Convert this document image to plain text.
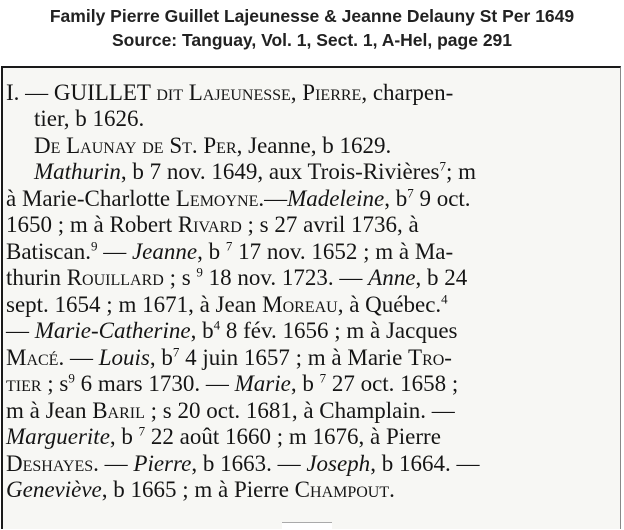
Family Pierre Guillet Lajeunesse & Jeanne Delauny St Per 1649
Source: Tanguay, Vol. 1, Sect. 1, A-Hel, page 291
I. — GUILLET dit Lajeunesse, Pierre, charpen-
tier, b 1626.
De Launay de St. Per, Jeanne, b 1629.
Mathurin, b 7 nov. 1649, aux Trois-Rivières$^7$; m
à Marie-Charlotte Lemoyne.—Madeleine, $b^7$ 9 oct.
1650 ; m à Robert Rivard ; s 27 avril 1736, à
Batiscan.$^9$ — Jeanne, b $^7$ 17 nov. 1652 ; m à Ma-
thurin Rouillard ; s $^9$ 18 nov. 1723. — Anne, b 24
sept. 1654 ; m 1671, à Jean Moreau, à Québec.$^4$
— Marie-Catherine, $b^4$ 8 fév. 1656 ; m à Jacques
Macé. — Louis, $b^7$ 4 juin 1657 ; m à Marie Tro-
tier ; $s^9$ 6 mars 1730. — Marie, b $^7$ 27 oct. 1658 ;
m à Jean Baril ; s 20 oct. 1681, à Champlain. —
Marguerite, b $^7$ 22 août 1660 ; m 1676, à Pierre
Deshayes. — Pierre, b 1663. — Joseph, b 1664. —
Geneviève, b 1665 ; m à Pierre Champout.
